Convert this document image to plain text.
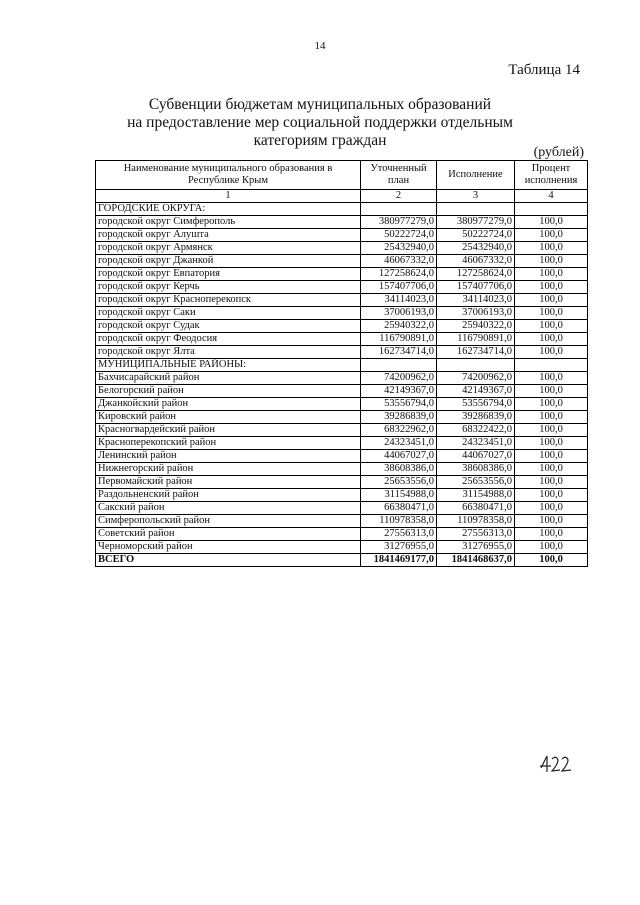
14
Таблица 14
Субвенции бюджетам муниципальных образований
на предоставление мер социальной поддержки отдельным
категориям граждан
(рублей)
Наименование муниципального образования в Республике Крым	Уточненный план	Исполнение	Процент исполнения
1	2	3	4
ГОРОДСКИЕ ОКРУГА:			
городской округ Симферополь	380977279,0	380977279,0	100,0
городской округ Алушта	50222724,0	50222724,0	100,0
городской округ Армянск	25432940,0	25432940,0	100,0
городской округ Джанкой	46067332,0	46067332,0	100,0
городской округ Евпатория	127258624,0	127258624,0	100,0
городской округ Керчь	157407706,0	157407706,0	100,0
городской округ Красноперекопск	34114023,0	34114023,0	100,0
городской округ Саки	37006193,0	37006193,0	100,0
городской округ Судак	25940322,0	25940322,0	100,0
городской округ Феодосия	116790891,0	116790891,0	100,0
городской округ Ялта	162734714,0	162734714,0	100,0
МУНИЦИПАЛЬНЫЕ РАЙОНЫ:			
Бахчисарайский район	74200962,0	74200962,0	100,0
Белогорский район	42149367,0	42149367,0	100,0
Джанкойский район	53556794,0	53556794,0	100,0
Кировский район	39286839,0	39286839,0	100,0
Красногвардейский район	68322962,0	68322422,0	100,0
Красноперекопский район	24323451,0	24323451,0	100,0
Ленинский район	44067027,0	44067027,0	100,0
Нижнегорский район	38608386,0	38608386,0	100,0
Первомайский район	25653556,0	25653556,0	100,0
Раздольненский район	31154988,0	31154988,0	100,0
Сакский район	66380471,0	66380471,0	100,0
Симферопольский район	110978358,0	110978358,0	100,0
Советский район	27556313,0	27556313,0	100,0
Черноморский район	31276955,0	31276955,0	100,0
ВСЕГО	1841469177,0	1841468637,0	100,0
